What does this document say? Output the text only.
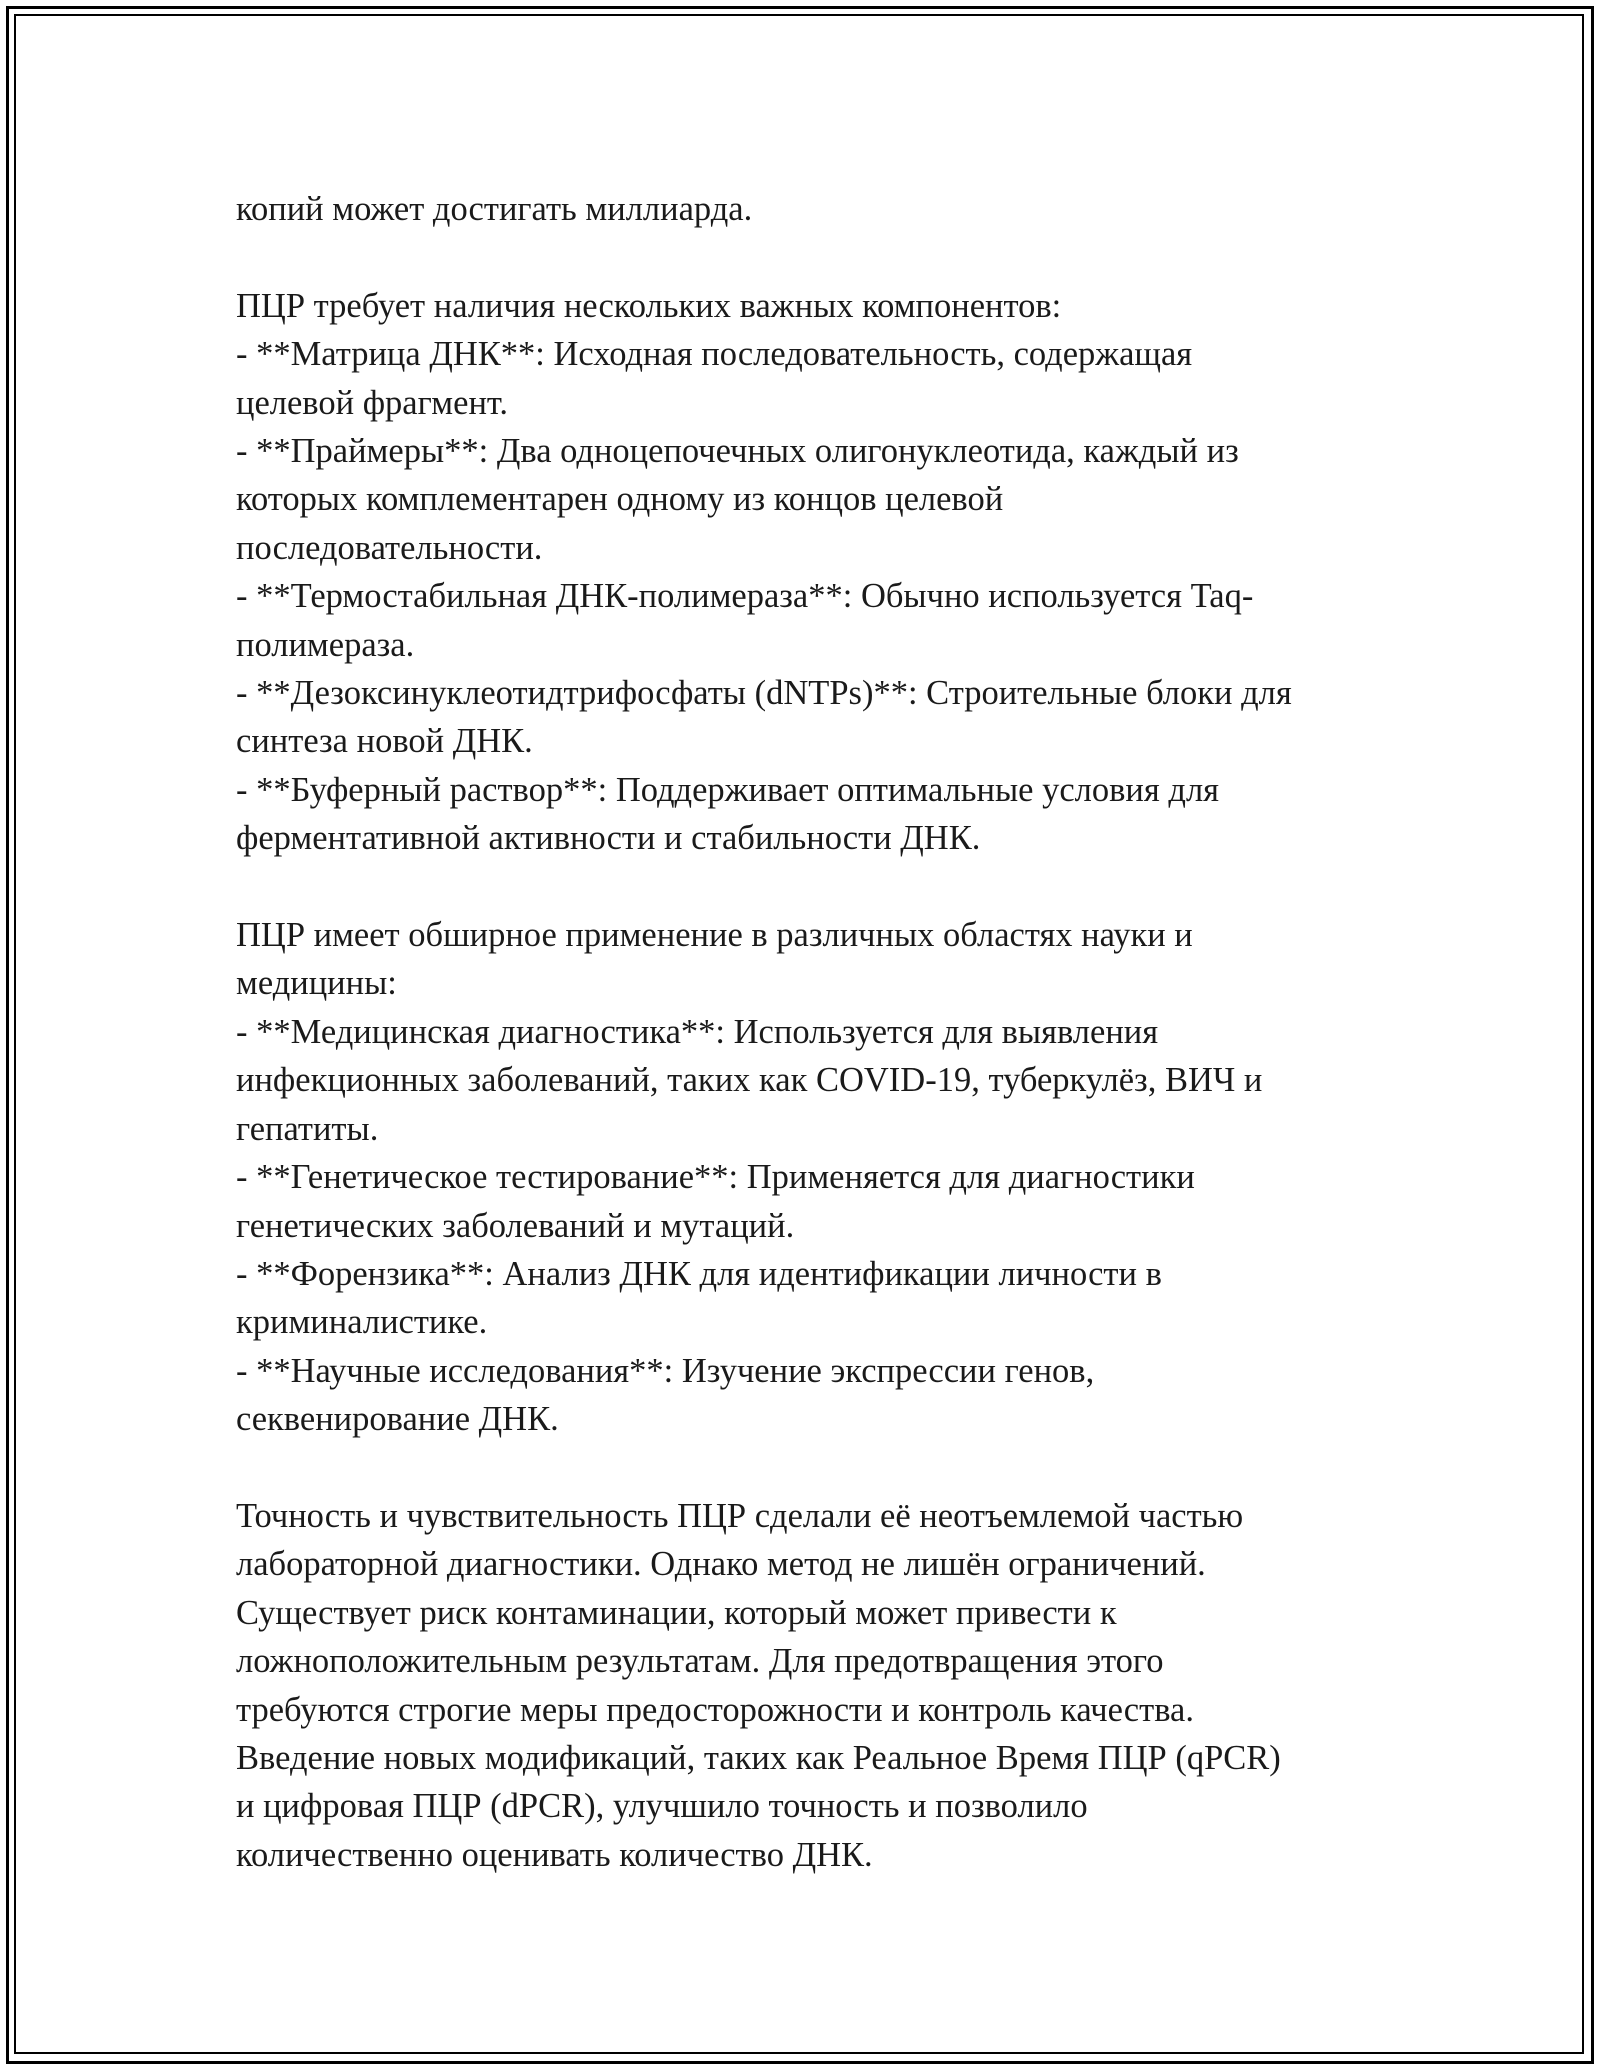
копий может достигать миллиарда.

ПЦР требует наличия нескольких важных компонентов:

- **Матрица ДНК**: Исходная последовательность, содержащая

целевой фрагмент.

- **Праймеры**: Два одноцепочечных олигонуклеотида, каждый из

которых комплементарен одному из концов целевой

последовательности.

- **Термостабильная ДНК-полимераза**: Обычно используется Taq-

полимераза.

- **Дезоксинуклеотидтрифосфаты (dNTPs)**: Строительные блоки для

синтеза новой ДНК.

- **Буферный раствор**: Поддерживает оптимальные условия для

ферментативной активности и стабильности ДНК.

ПЦР имеет обширное применение в различных областях науки и

медицины:

- **Медицинская диагностика**: Используется для выявления

инфекционных заболеваний, таких как COVID-19, туберкулёз, ВИЧ и

гепатиты.

- **Генетическое тестирование**: Применяется для диагностики

генетических заболеваний и мутаций.

- **Форензика**: Анализ ДНК для идентификации личности в

криминалистике.

- **Научные исследования**: Изучение экспрессии генов,

секвенирование ДНК.

Точность и чувствительность ПЦР сделали её неотъемлемой частью

лабораторной диагностики. Однако метод не лишён ограничений.

Существует риск контаминации, который может привести к

ложноположительным результатам. Для предотвращения этого

требуются строгие меры предосторожности и контроль качества.

Введение новых модификаций, таких как Реальное Время ПЦР (qPCR)

и цифровая ПЦР (dPCR), улучшило точность и позволило

количественно оценивать количество ДНК.
